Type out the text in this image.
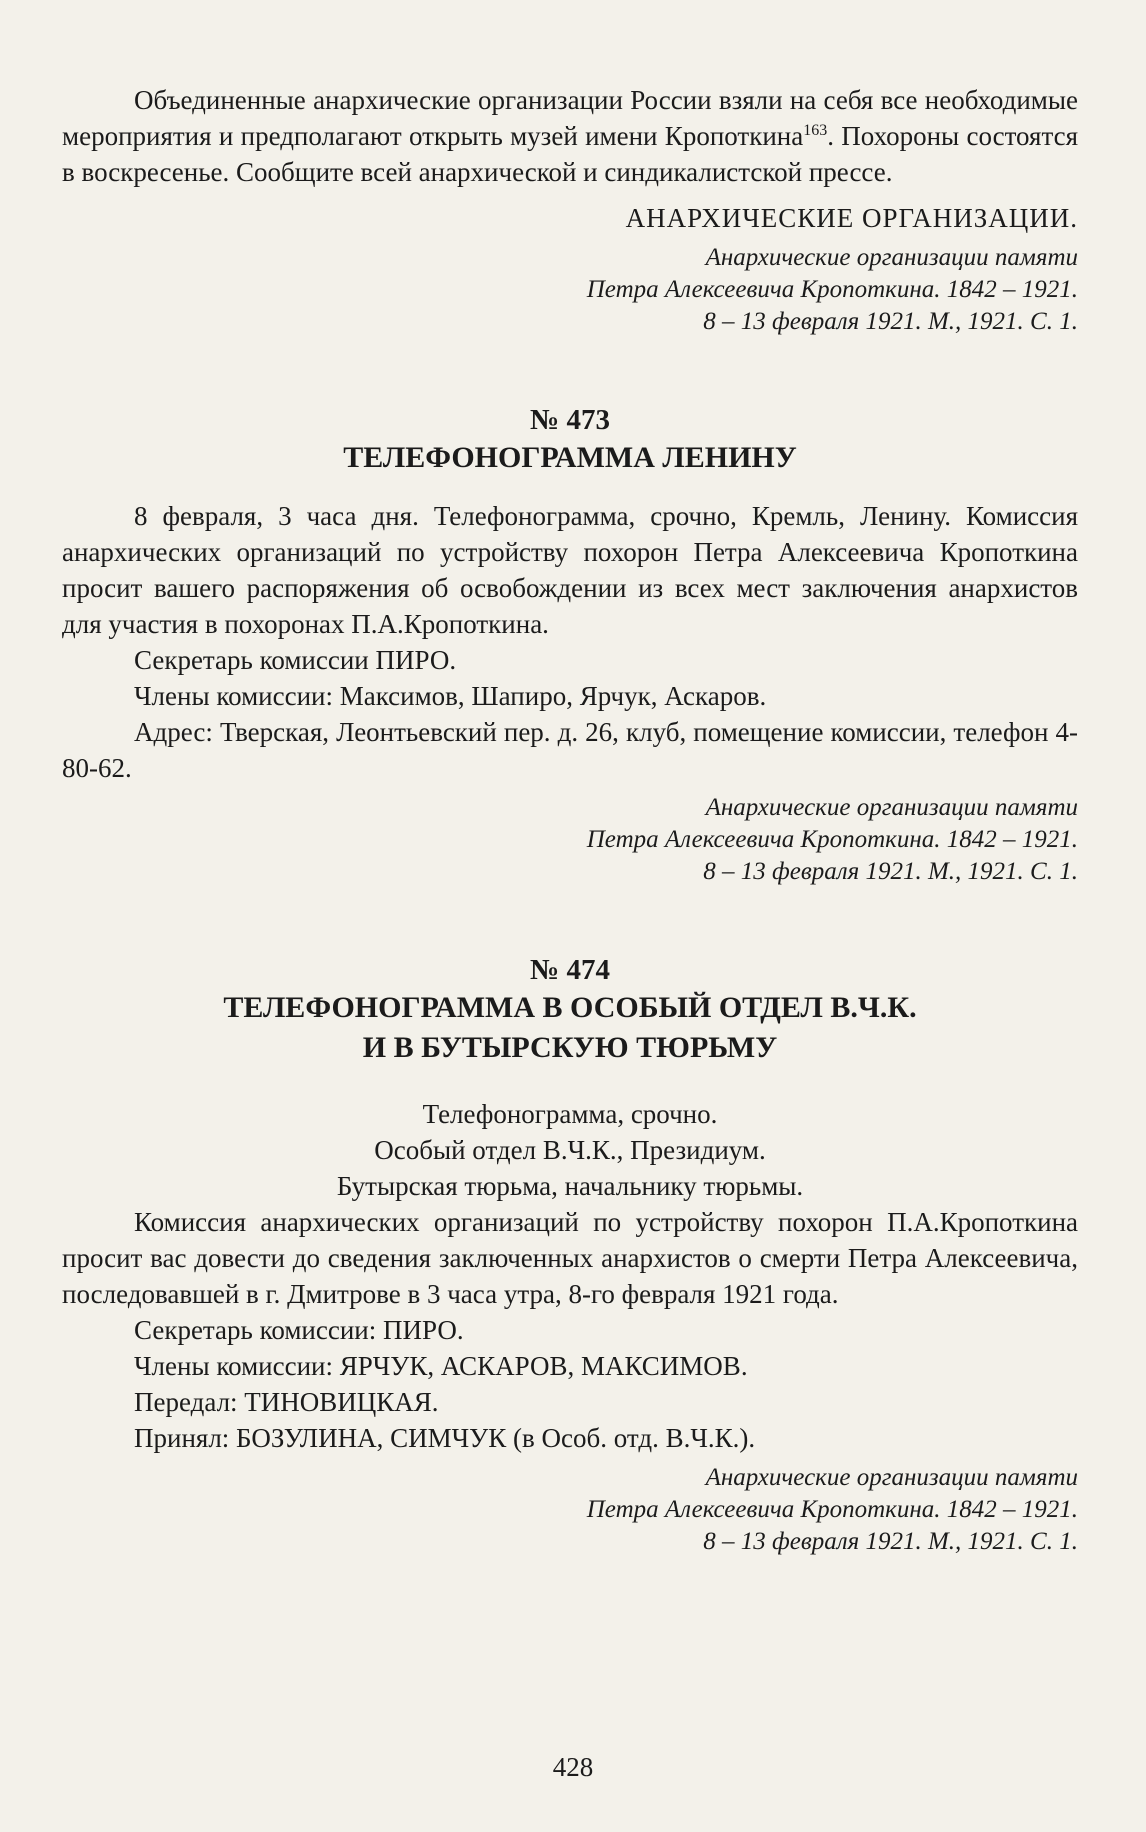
Объединенные анархические организации России взяли на себя все необходимые мероприятия и предполагают открыть музей имени Кропоткина$^{163}$. Похороны состоятся в воскресенье. Сообщите всей анархической и синдикалистской прессе.

АНАРХИЧЕСКИЕ ОРГАНИЗАЦИИ.

Анархические организации памяти
Петра Алексеевича Кропоткина. 1842 – 1921.
8 – 13 февраля 1921. М., 1921. С. 1.
№ 473
ТЕЛЕФОНОГРАММА ЛЕНИНУ

8 февраля, 3 часа дня. Телефонограмма, срочно, Кремль, Ленину. Комиссия анархических организаций по устройству похорон Петра Алексеевича Кропоткина просит вашего распоряжения об освобождении из всех мест заключения анархистов для участия в похоронах П.А.Кропоткина.

Секретарь комиссии ПИРО.

Члены комиссии: Максимов, Шапиро, Ярчук, Аскаров.

Адрес: Тверская, Леонтьевский пер. д. 26, клуб, помещение комиссии, телефон 4-80-62.

Анархические организации памяти
Петра Алексеевича Кропоткина. 1842 – 1921.
8 – 13 февраля 1921. М., 1921. С. 1.
№ 474
ТЕЛЕФОНОГРАММА В ОСОБЫЙ ОТДЕЛ В.Ч.К.
И В БУТЫРСКУЮ ТЮРЬМУ
Телефонограмма, срочно.
Особый отдел В.Ч.К., Президиум.
Бутырская тюрьма, начальнику тюрьмы.

Комиссия анархических организаций по устройству похорон П.А.Кропоткина просит вас довести до сведения заключенных анархистов о смерти Петра Алексеевича, последовавшей в г. Дмитрове в 3 часа утра, 8-го февраля 1921 года.

Секретарь комиссии: ПИРО.

Члены комиссии: ЯРЧУК, АСКАРОВ, МАКСИМОВ.

Передал: ТИНОВИЦКАЯ.

Принял: БОЗУЛИНА, СИМЧУК (в Особ. отд. В.Ч.К.).

Анархические организации памяти
Петра Алексеевича Кропоткина. 1842 – 1921.
8 – 13 февраля 1921. М., 1921. С. 1.
428
